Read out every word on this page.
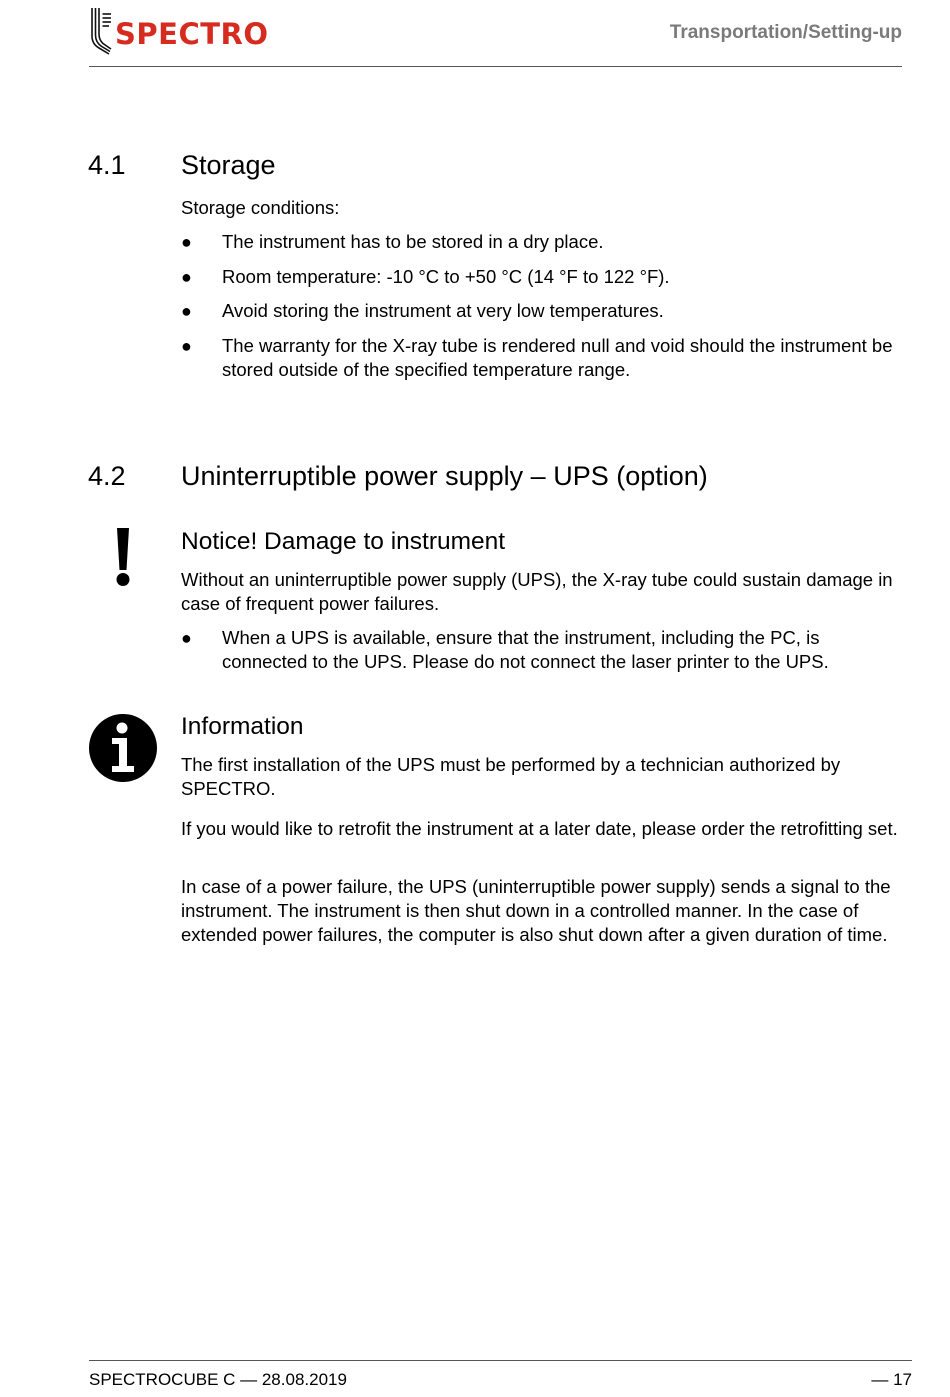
SPECTRO	Transportation/Setting-up
4.1	Storage
Storage conditions:
●	The instrument has to be stored in a dry place.
●	Room temperature: -10 °C to +50 °C (14 °F to 122 °F).
●	Avoid storing the instrument at very low temperatures.
●	The warranty for the X-ray tube is rendered null and void should the instrument be stored outside of the specified temperature range.
4.2	Uninterruptible power supply – UPS (option)
Notice! Damage to instrument
Without an uninterruptible power supply (UPS), the X-ray tube could sustain damage in case of frequent power failures.
●	When a UPS is available, ensure that the instrument, including the PC, is connected to the UPS. Please do not connect the laser printer to the UPS.
Information
The first installation of the UPS must be performed by a technician authorized by SPECTRO.
If you would like to retrofit the instrument at a later date, please order the retrofitting set.
In case of a power failure, the UPS (uninterruptible power supply) sends a signal to the instrument. The instrument is then shut down in a controlled manner. In the case of extended power failures, the computer is also shut down after a given duration of time.
SPECTROCUBE C — 28.08.2019	— 17
